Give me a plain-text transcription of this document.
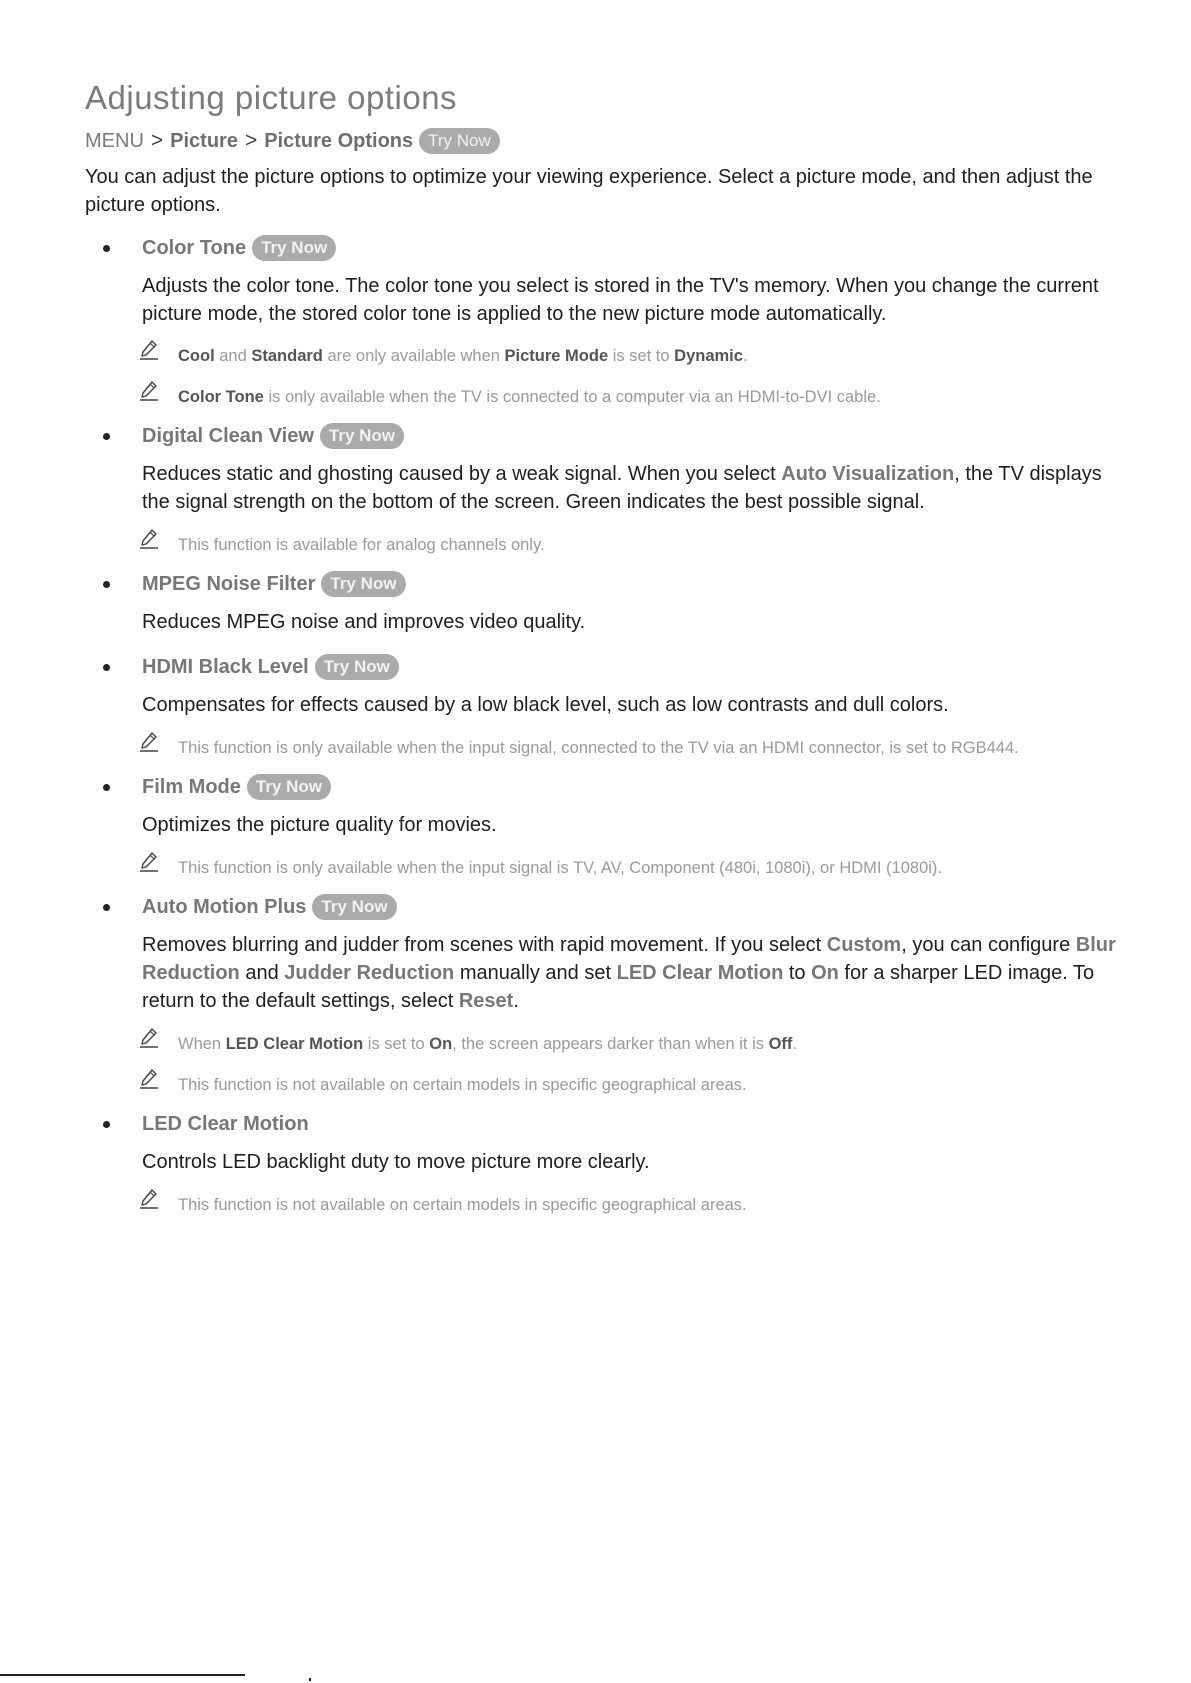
Adjusting picture options
MENU > Picture > Picture Options Try Now
You can adjust the picture options to optimize your viewing experience. Select a picture mode, and then adjust the picture options.
Color Tone Try Now
Adjusts the color tone. The color tone you select is stored in the TV's memory. When you change the current picture mode, the stored color tone is applied to the new picture mode automatically.
Cool and Standard are only available when Picture Mode is set to Dynamic.
Color Tone is only available when the TV is connected to a computer via an HDMI-to-DVI cable.
Digital Clean View Try Now
Reduces static and ghosting caused by a weak signal. When you select Auto Visualization, the TV displays the signal strength on the bottom of the screen. Green indicates the best possible signal.
This function is available for analog channels only.
MPEG Noise Filter Try Now
Reduces MPEG noise and improves video quality.
HDMI Black Level Try Now
Compensates for effects caused by a low black level, such as low contrasts and dull colors.
This function is only available when the input signal, connected to the TV via an HDMI connector, is set to RGB444.
Film Mode Try Now
Optimizes the picture quality for movies.
This function is only available when the input signal is TV, AV, Component (480i, 1080i), or HDMI (1080i).
Auto Motion Plus Try Now
Removes blurring and judder from scenes with rapid movement. If you select Custom, you can configure Blur Reduction and Judder Reduction manually and set LED Clear Motion to On for a sharper LED image. To return to the default settings, select Reset.
When LED Clear Motion is set to On, the screen appears darker than when it is Off.
This function is not available on certain models in specific geographical areas.
LED Clear Motion
Controls LED backlight duty to move picture more clearly.
This function is not available on certain models in specific geographical areas.
